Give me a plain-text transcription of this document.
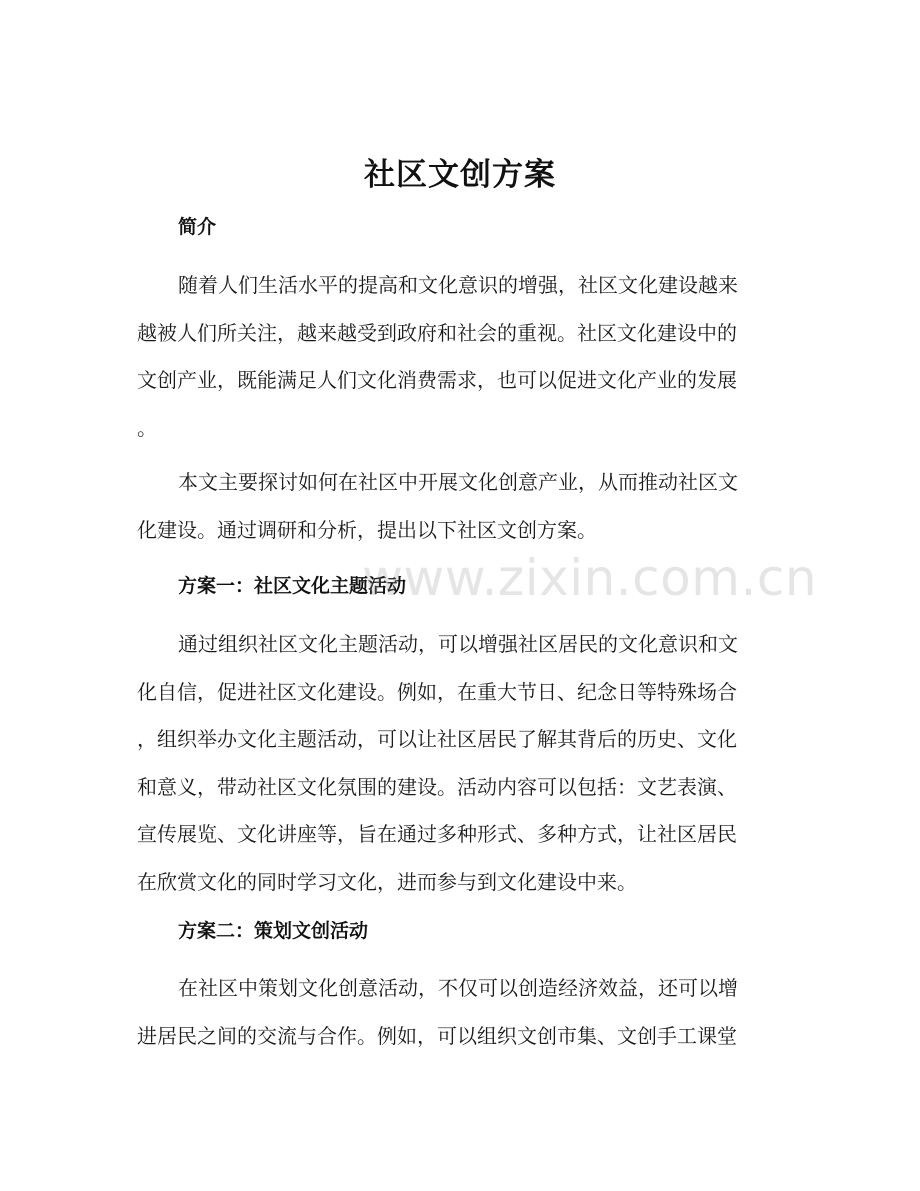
社区文创方案
简介
随着人们生活水平的提高和文化意识的增强，社区文化建设越来
越被人们所关注，越来越受到政府和社会的重视。社区文化建设中的
文创产业，既能满足人们文化消费需求，也可以促进文化产业的发展
。
本文主要探讨如何在社区中开展文化创意产业，从而推动社区文
化建设。通过调研和分析，提出以下社区文创方案。
方案一：社区文化主题活动
通过组织社区文化主题活动，可以增强社区居民的文化意识和文
化自信，促进社区文化建设。例如，在重大节日、纪念日等特殊场合
，组织举办文化主题活动，可以让社区居民了解其背后的历史、文化
和意义，带动社区文化氛围的建设。活动内容可以包括：文艺表演、
宣传展览、文化讲座等，旨在通过多种形式、多种方式，让社区居民
在欣赏文化的同时学习文化，进而参与到文化建设中来。
方案二：策划文创活动
在社区中策划文化创意活动，不仅可以创造经济效益，还可以增
进居民之间的交流与合作。例如，可以组织文创市集、文创手工课堂
www.zixin.com.cn
